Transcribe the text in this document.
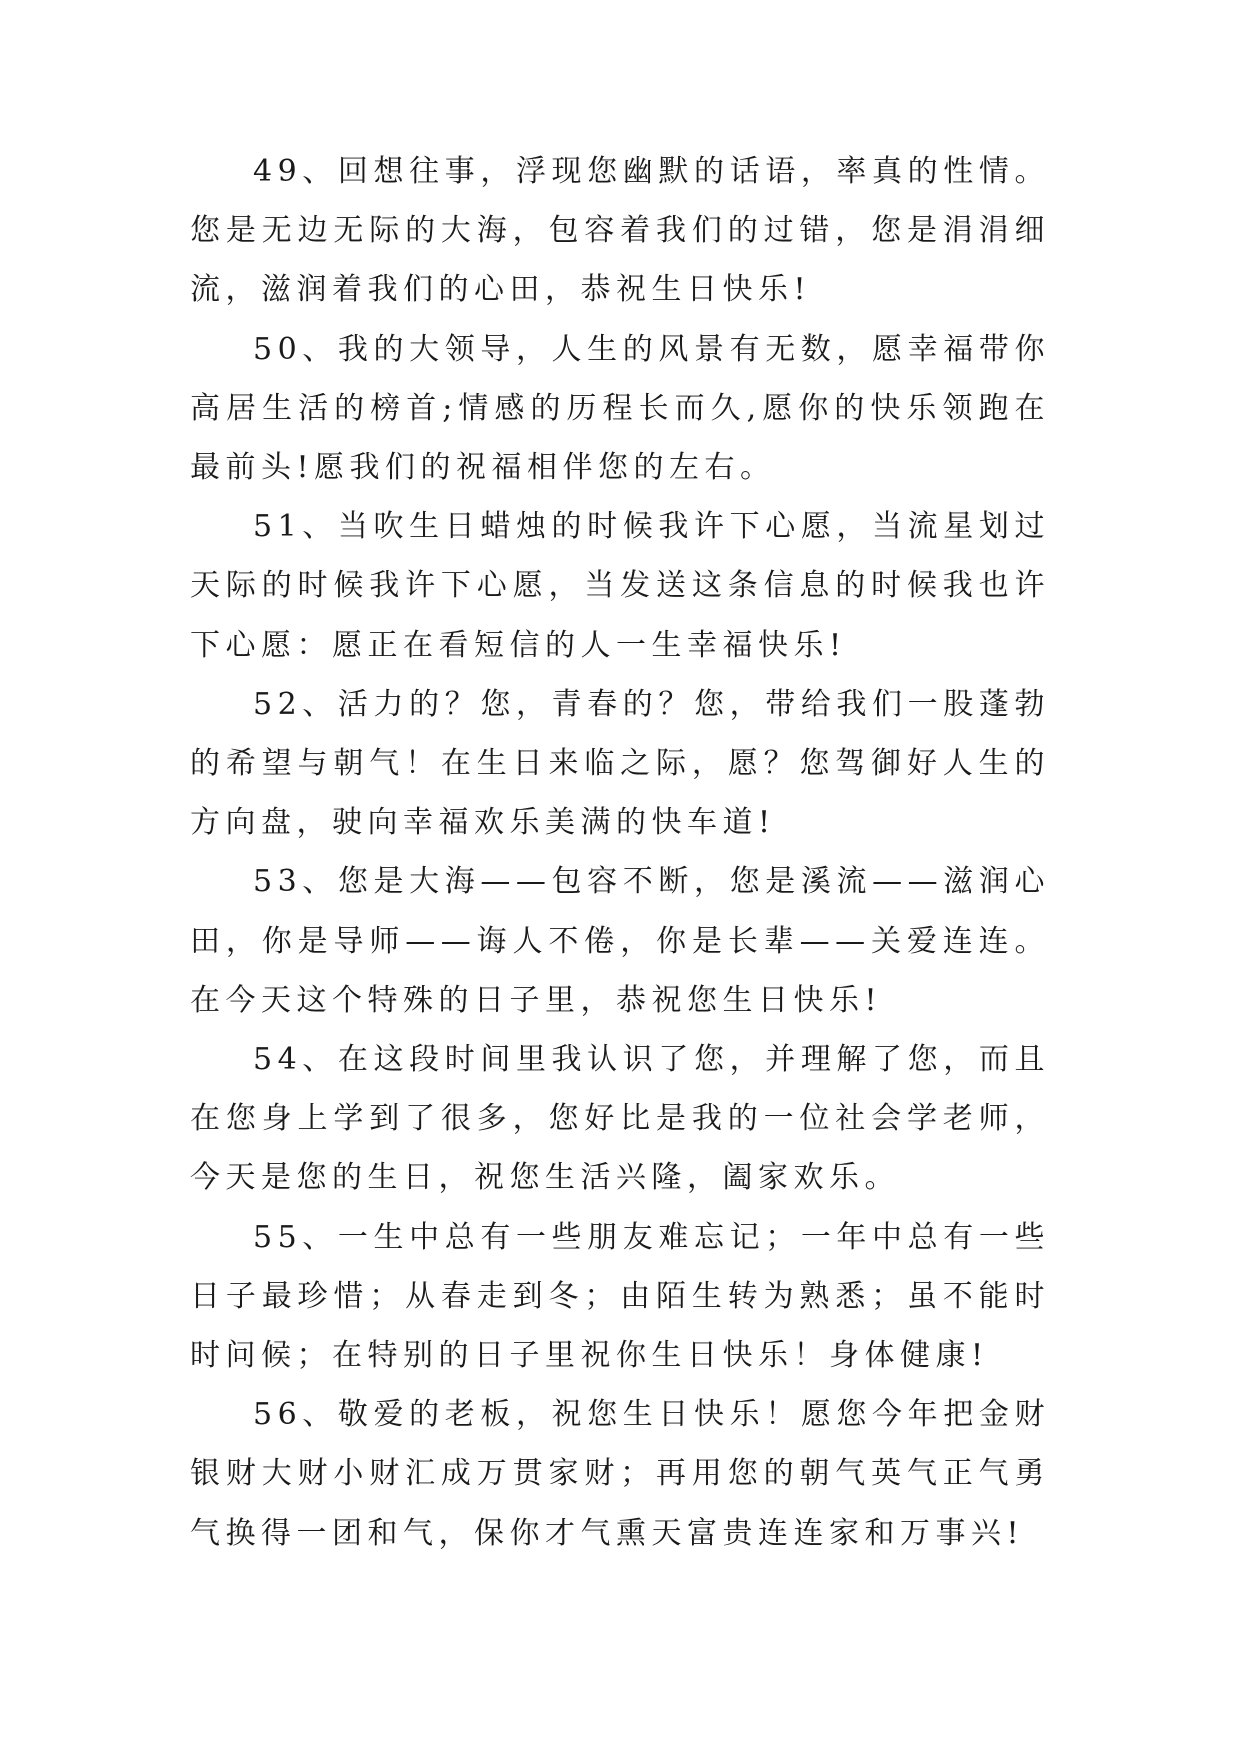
49、回想往事，浮现您幽默的话语，率真的性情。您是无边无际的大海，包容着我们的过错，您是涓涓细流，滋润着我们的心田，恭祝生日快乐!

50、我的大领导，人生的风景有无数，愿幸福带你高居生活的榜首;情感的历程长而久,愿你的快乐领跑在最前头!愿我们的祝福相伴您的左右。

51、当吹生日蜡烛的时候我许下心愿，当流星划过天际的时候我许下心愿，当发送这条信息的时候我也许下心愿：愿正在看短信的人一生幸福快乐!

52、活力的？您，青春的？您，带给我们一股蓬勃的希望与朝气！在生日来临之际，愿？您驾御好人生的方向盘，驶向幸福欢乐美满的快车道!

53、您是大海——包容不断，您是溪流——滋润心田，你是导师——诲人不倦，你是长辈——关爱连连。在今天这个特殊的日子里，恭祝您生日快乐!

54、在这段时间里我认识了您，并理解了您，而且在您身上学到了很多，您好比是我的一位社会学老师，今天是您的生日，祝您生活兴隆，阖家欢乐。

55、一生中总有一些朋友难忘记；一年中总有一些日子最珍惜；从春走到冬；由陌生转为熟悉；虽不能时时问候；在特别的日子里祝你生日快乐！身体健康!

56、敬爱的老板，祝您生日快乐！愿您今年把金财银财大财小财汇成万贯家财；再用您的朝气英气正气勇气换得一团和气，保你才气熏天富贵连连家和万事兴!
